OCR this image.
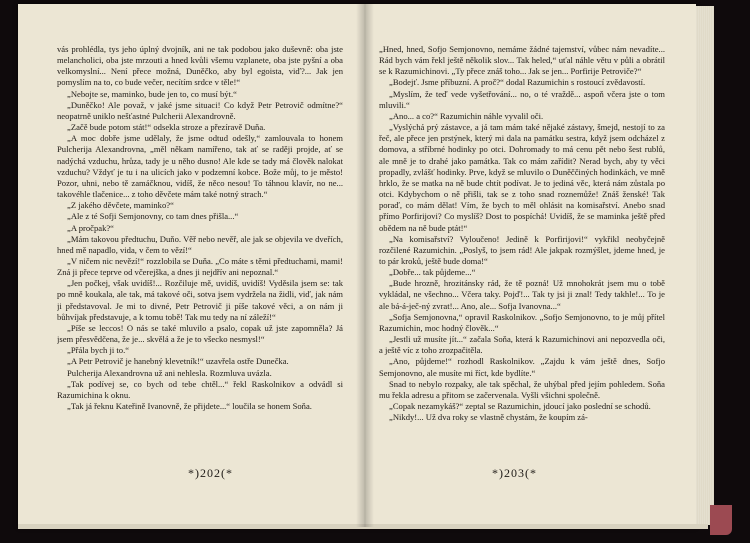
vás prohlédla, tys jeho úplný dvojník, ani ne tak podobou jako duševně: oba jste melancholici, oba jste mrzouti a hned kvůli všemu vzplanete, oba jste pyšní a oba velkomyslní... Není přece možná, Duněčko, aby byl egoista, viď?... Jak jen pomyslím na to, co bude večer, necítím srdce v těle!“

„Nebojte se, maminko, bude jen to, co musí být.“

„Duněčko! Ale považ, v jaké jsme situaci! Co když Petr Petrovič odmítne?“ neopatrně uniklo nešťastné Pulcherii Alexandrovně.

„Začě bude potom stát!“ odsekla stroze a přezíravě Duňa.

„A moc dobře jsme udělaly, že jsme odtud odešly,“ zamlouvala to honem Pulcherija Alexandrovna, „měl někam namířeno, tak ať se raději projde, ať se nadýchá vzduchu, hrůza, tady je u něho dusno! Ale kde se tady má člověk nalokat vzduchu? Vždyť je tu i na ulicích jako v podzemní kobce. Bože můj, to je město! Pozor, uhni, nebo tě zamáčknou, vidíš, že něco nesou! To táhnou klavír, no ne... takovéhle tlačenice... z toho děvčete mám také notný strach.“

„Z jakého děvčete, maminko?“

„Ale z té Sofji Semjonovny, co tam dnes přišla...“

„A pročpak?“

„Mám takovou předtuchu, Duňo. Věř nebo nevěř, ale jak se objevila ve dveřích, hned mě napadlo, vida, v čem to vězí!“

„V ničem nic nevězí!“ rozzlobila se Duňa. „Co máte s těmi předtuchami, mami! Zná ji přece teprve od včerejška, a dnes ji nejdřív ani nepoznal.“

„Jen počkej, však uvidíš!... Rozčiluje mě, uvidíš, uvidíš! Vyděsila jsem se: tak po mně koukala, ale tak, má takové oči, sotva jsem vydržela na židli, viď, jak nám ji představoval. Je mi to divné, Petr Petrovič ji píše takové věci, a on nám ji bůhvíjak představuje, a k tomu tobě! Tak mu tedy na ní záleží!“

„Píše se leccos! O nás se také mluvilo a psalo, copak už jste zapomněla? Já jsem přesvědčena, že je... skvělá a že je to všecko nesmysl!“

„Přála bych ji to.“

„A Petr Petrovič je hanebný klevetník!“ uzavřela ostře Dunečka.

Pulcherija Alexandrovna už ani nehlesla. Rozmluva uvázla.

„Tak podívej se, co bych od tebe chtěl...“ řekl Raskolnikov a odvádl si Razumichina k oknu.

„Tak já řeknu Kateřině Ivanovně, že přijdete...“ loučila se honem Soňa.

„Hned, hned, Sofjo Semjonovno, nemáme žádné tajemství, vůbec nám nevadíte... Rád bych vám řekl ještě několik slov... Tak heled,“ uťal náhle větu v půli a obrátil se k Razumichinovi. „Ty přece znáš toho... Jak se jen... Porfirije Petroviče?“

„Bodejť. Jsme příbuzní. A proč?“ dodal Razumichin s rostoucí zvědavostí.

„Myslím, že teď vede vyšetřování... no, o té vraždě... aspoň včera jste o tom mluvili.“

„Ano... a co?“ Razumichin náhle vyvalil oči.

„Vyslýchá prý zástavce, a já tam mám také nějaké zástavy, šmejd, nestojí to za řeč, ale přece jen prstýnek, který mi dala na památku sestra, když jsem odcházel z domova, a stříbrné hodinky po otci. Dohromady to má cenu pět nebo šest rublů, ale mně je to drahé jako památka. Tak co mám zařídit? Nerad bych, aby ty věci propadly, zvlášť hodinky. Prve, když se mluvilo o Duněččiných hodinkách, ve mně hrklo, že se matka na ně bude chtít podívat. Je to jediná věc, která nám zůstala po otci. Kdybychom o ně přišli, tak se z toho snad roznemůže! Znáš ženské! Tak poraď, co mám dělat! Vím, že bych to měl ohlásit na komisařství. Anebo snad přímo Porfirijovi? Co myslíš? Dost to pospíchá! Uvidíš, že se maminka ještě před obědem na ně bude ptát!“

„Na komisařství? Vyloučeno! Jedině k Porfirijovi!“ vykřikl neobyčejně rozčilené Razumichin. „Poslyš, to jsem rád! Ale jakpak rozmýšlet, jdeme hned, je to pár kroků, ještě bude doma!“

„Dobře... tak půjdeme...“

„Bude hrozně, hrozitánsky rád, že tě pozná! Už mnohokrát jsem mu o tobě vykládal, ne všechno... Včera taky. Pojď!... Tak ty jsi ji znal! Tedy takhle!... To je ale bá-á-ječ-ný zvrat!... Ano, ale... Sofja Ivanovna...“

„Sofja Semjonovna,“ opravil Raskolnikov. „Sofjo Semjonovno, to je můj přítel Razumichin, moc hodný člověk...“

„Jestli už musíte jít...“ začala Soňa, která k Razumichinovi ani nepozvedla oči, a ještě víc z toho zrozpačitěla.

„Ano, půjdeme!“ rozhodl Raskolnikov. „Zajdu k vám ještě dnes, Sofjo Semjonovno, ale musíte mi říct, kde bydlíte.“

Snad to nebylo rozpaky, ale tak spěchal, že uhýbal před jejím pohledem. Soňa mu řekla adresu a přitom se začervenala. Vyšli všichni společně.

„Copak nezamykáš?“ zeptal se Razumichin, jdoucí jako poslední se schodů.

„Nikdy!... Už dva roky se vlastně chystám, že koupím zá-

*)202(*	*)203(*
